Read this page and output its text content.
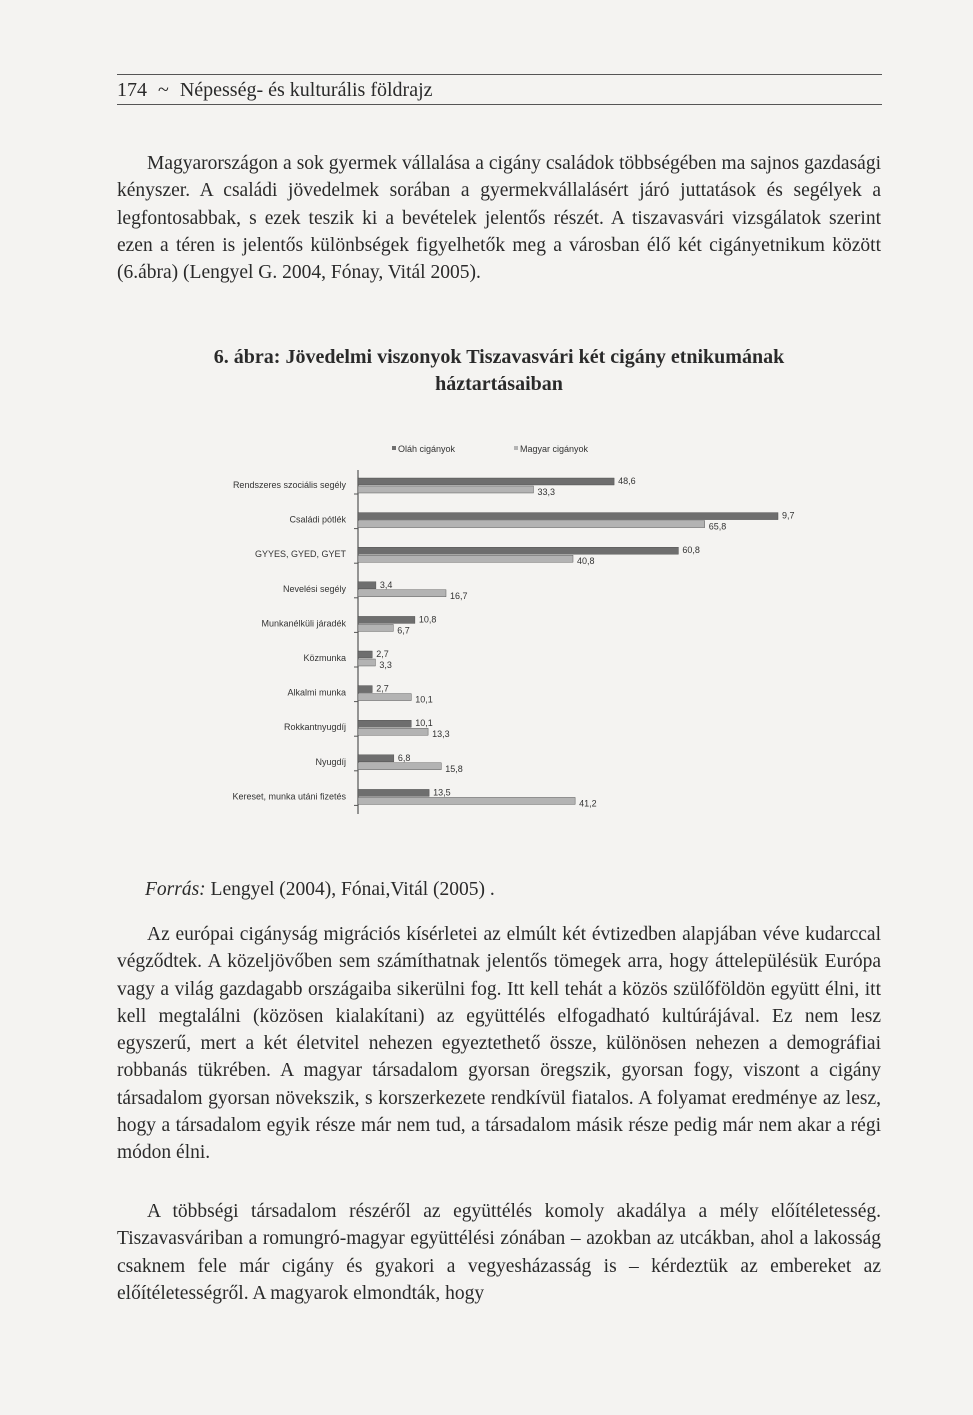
174 ~ Népesség- és kulturális földrajz

Magyarországon a sok gyermek vállalása a cigány családok többségében ma sajnos gazdasági kényszer. A családi jövedelmek sorában a gyermekvállalásért járó juttatások és segélyek a legfontosabbak, s ezek teszik ki a bevételek jelentős részét. A tiszavasvári vizsgálatok szerint ezen a téren is jelentős különbségek figyelhetők meg a városban élő két cigányetnikum között (6.ábra) (Lengyel G. 2004, Fónay, Vitál 2005).

6. ábra: Jövedelmi viszonyok Tiszavasvári két cigány etnikumának
háztartásaiban
Oláh cigányok	Magyar cigányok
Rendszeres szociális segély	48,6
33,3
Családi pótlék	9,7
65,8
GYYES, GYED, GYET	60,8
40,8
Nevelési segély	3,4
16,7
Munkanélküli járadék	10,8
6,7
Közmunka	2,7
3,3
Alkalmi munka	2,7
10,1
Rokkantnyugdíj	10,1
13,3
Nyugdíj	6,8
15,8
Kereset, munka utáni fizetés	13,5
41,2
Forrás: Lengyel (2004), Fónai,Vitál (2005) .

Az európai cigányság migrációs kísérletei az elmúlt két évtizedben alapjában véve kudarccal végződtek. A közeljövőben sem számíthatnak jelentős tömegek arra, hogy áttelepülésük Európa vagy a világ gazdagabb országaiba sikerülni fog. Itt kell tehát a közös szülőföldön együtt élni, itt kell megtalálni (közösen kialakítani) az együttélés elfogadható kultúrájával. Ez nem lesz egyszerű, mert a két életvitel nehezen egyeztethető össze, különösen nehezen a demográfiai robbanás tükrében. A magyar társadalom gyorsan öregszik, gyorsan fogy, viszont a cigány társadalom gyorsan növekszik, s korszerkezete rendkívül fiatalos. A folyamat eredménye az lesz, hogy a társadalom egyik része már nem tud, a társadalom másik része pedig már nem akar a régi módon élni.

A többségi társadalom részéről az együttélés komoly akadálya a mély előítéletesség. Tiszavasváriban a romungró-magyar együttélési zónában – azokban az utcákban, ahol a lakosság csaknem fele már cigány és gyakori a vegyesházasság is – kérdeztük az embereket az előítéletességről. A magyarok elmondták, hogy
